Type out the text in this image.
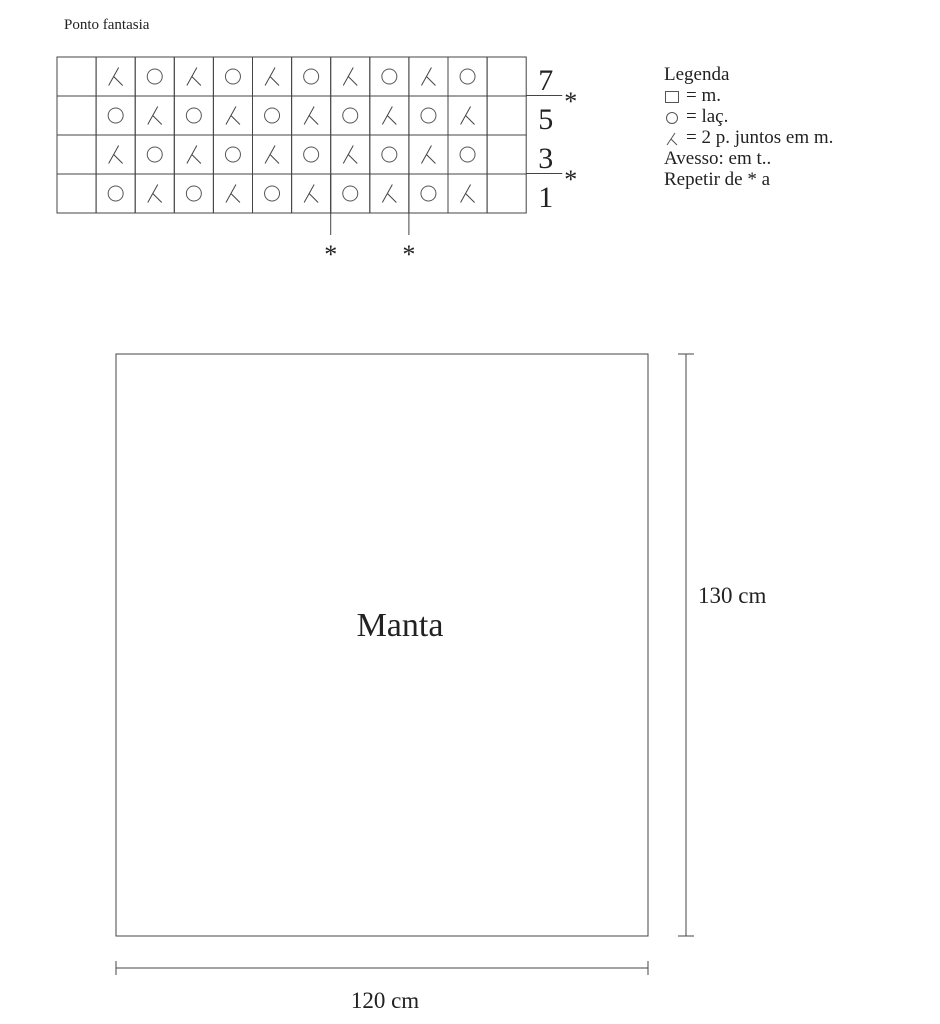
Ponto fantasia
7
*
5
3
*
1
*	*
Manta
130 cm
120 cm
Legenda
= m.
= laç.
= 2 p. juntos em m.
Avesso: em t..
Repetir de * a
